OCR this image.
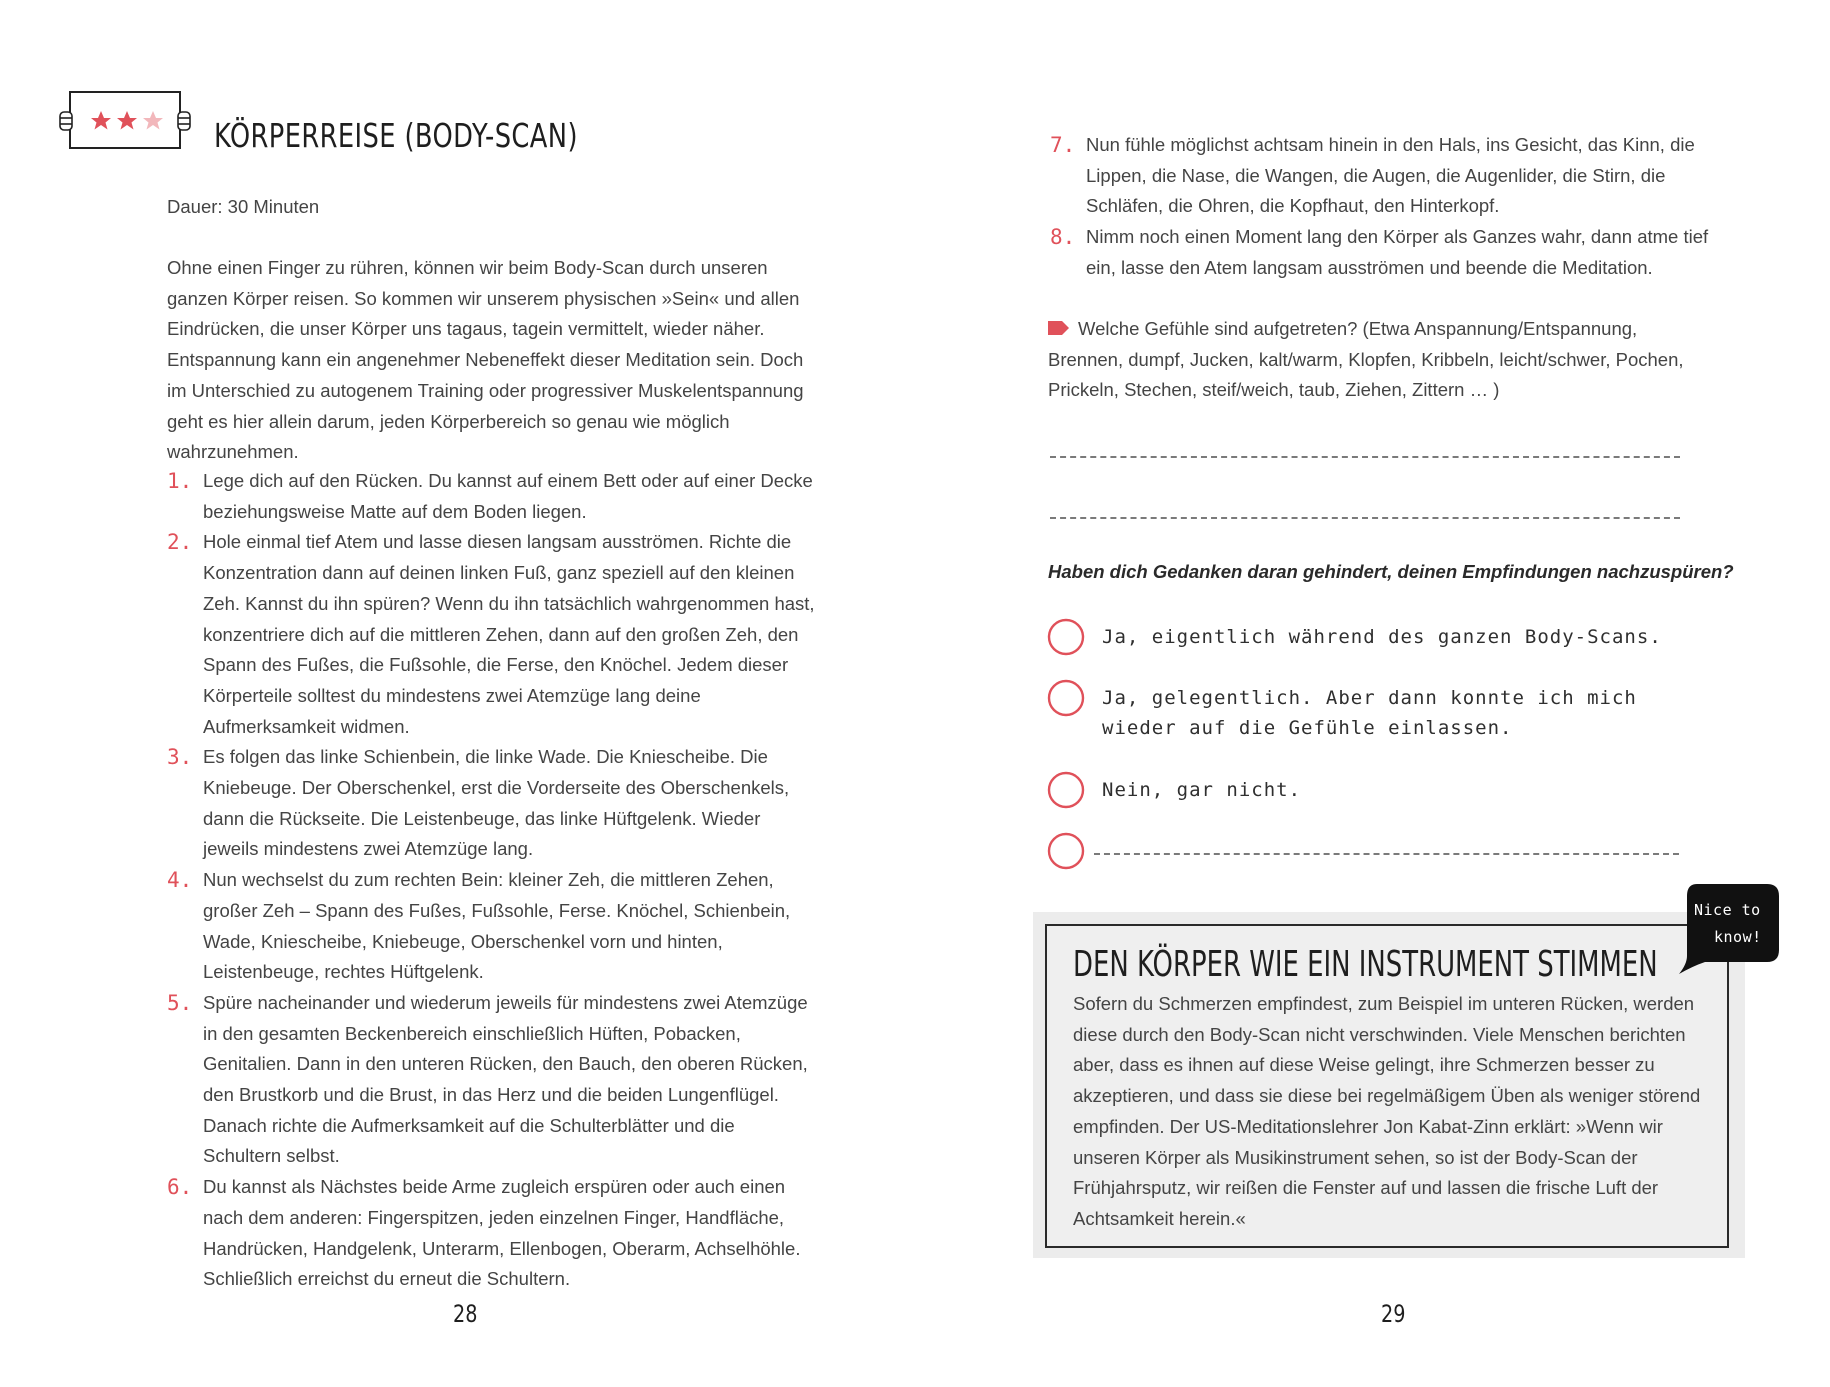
KÖRPERREISE (BODY-SCAN)

Dauer: 30 Minuten

Ohne einen Finger zu rühren, können wir beim Body-Scan durch unseren ganzen Körper reisen. So kommen wir unserem physischen »Sein« und allen Eindrücken, die unser Körper uns tagaus, tagein vermittelt, wieder näher. Entspannung kann ein angenehmer Nebeneffekt dieser Meditation sein. Doch im Unterschied zu autogenem Training oder progressiver Muskelentspannung geht es hier allein darum, jeden Körperbereich so genau wie möglich wahrzunehmen.

1. Lege dich auf den Rücken. Du kannst auf einem Bett oder auf einer Decke beziehungsweise Matte auf dem Boden liegen.
2. Hole einmal tief Atem und lasse diesen langsam ausströmen. Richte die Konzentration dann auf deinen linken Fuß, ganz speziell auf den kleinen Zeh. Kannst du ihn spüren? Wenn du ihn tatsächlich wahrgenommen hast, konzentriere dich auf die mittleren Zehen, dann auf den großen Zeh, den Spann des Fußes, die Fußsohle, die Ferse, den Knöchel. Jedem dieser Körperteile solltest du mindestens zwei Atemzüge lang deine Aufmerksamkeit widmen.
3. Es folgen das linke Schienbein, die linke Wade. Die Kniescheibe. Die Kniebeuge. Der Oberschenkel, erst die Vorderseite des Oberschenkels, dann die Rückseite. Die Leistenbeuge, das linke Hüftgelenk. Wieder jeweils mindestens zwei Atemzüge lang.
4. Nun wechselst du zum rechten Bein: kleiner Zeh, die mittleren Zehen, großer Zeh – Spann des Fußes, Fußsohle, Ferse. Knöchel, Schienbein, Wade, Kniescheibe, Kniebeuge, Oberschenkel vorn und hinten, Leistenbeuge, rechtes Hüftgelenk.
5. Spüre nacheinander und wiederum jeweils für mindestens zwei Atemzüge in den gesamten Beckenbereich einschließlich Hüften, Pobacken, Genitalien. Dann in den unteren Rücken, den Bauch, den oberen Rücken, den Brustkorb und die Brust, in das Herz und die beiden Lungenflügel. Danach richte die Aufmerksamkeit auf die Schulterblätter und die Schultern selbst.
6. Du kannst als Nächstes beide Arme zugleich erspüren oder auch einen nach dem anderen: Fingerspitzen, jeden einzelnen Finger, Handfläche, Handrücken, Handgelenk, Unterarm, Ellenbogen, Oberarm, Achselhöhle. Schließlich erreichst du erneut die Schultern.

28

7. Nun fühle möglichst achtsam hinein in den Hals, ins Gesicht, das Kinn, die Lippen, die Nase, die Wangen, die Augen, die Augenlider, die Stirn, die Schläfen, die Ohren, die Kopfhaut, den Hinterkopf.
8. Nimm noch einen Moment lang den Körper als Ganzes wahr, dann atme tief ein, lasse den Atem langsam ausströmen und beende die Meditation.

Welche Gefühle sind aufgetreten? (Etwa Anspannung/Entspannung, Brennen, dumpf, Jucken, kalt/warm, Klopfen, Kribbeln, leicht/schwer, Pochen, Prickeln, Stechen, steif/weich, taub, Ziehen, Zittern … )

Haben dich Gedanken daran gehindert, deinen Empfindungen nachzuspüren?

Ja, eigentlich während des ganzen Body-Scans.
Ja, gelegentlich. Aber dann konnte ich mich wieder auf die Gefühle einlassen.
Nein, gar nicht.
DEN KÖRPER WIE EIN INSTRUMENT STIMMEN

Sofern du Schmerzen empfindest, zum Beispiel im unteren Rücken, werden diese durch den Body-Scan nicht verschwinden. Viele Menschen berichten aber, dass es ihnen auf diese Weise gelingt, ihre Schmerzen besser zu akzeptieren, und dass sie diese bei regelmäßigem Üben als weniger störend empfinden. Der US-Meditationslehrer Jon Kabat-Zinn erklärt: »Wenn wir unseren Körper als Musikinstrument sehen, so ist der Body-Scan der Frühjahrsputz, wir reißen die Fenster auf und lassen die frische Luft der Achtsamkeit herein.«

Nice to
know!

29
